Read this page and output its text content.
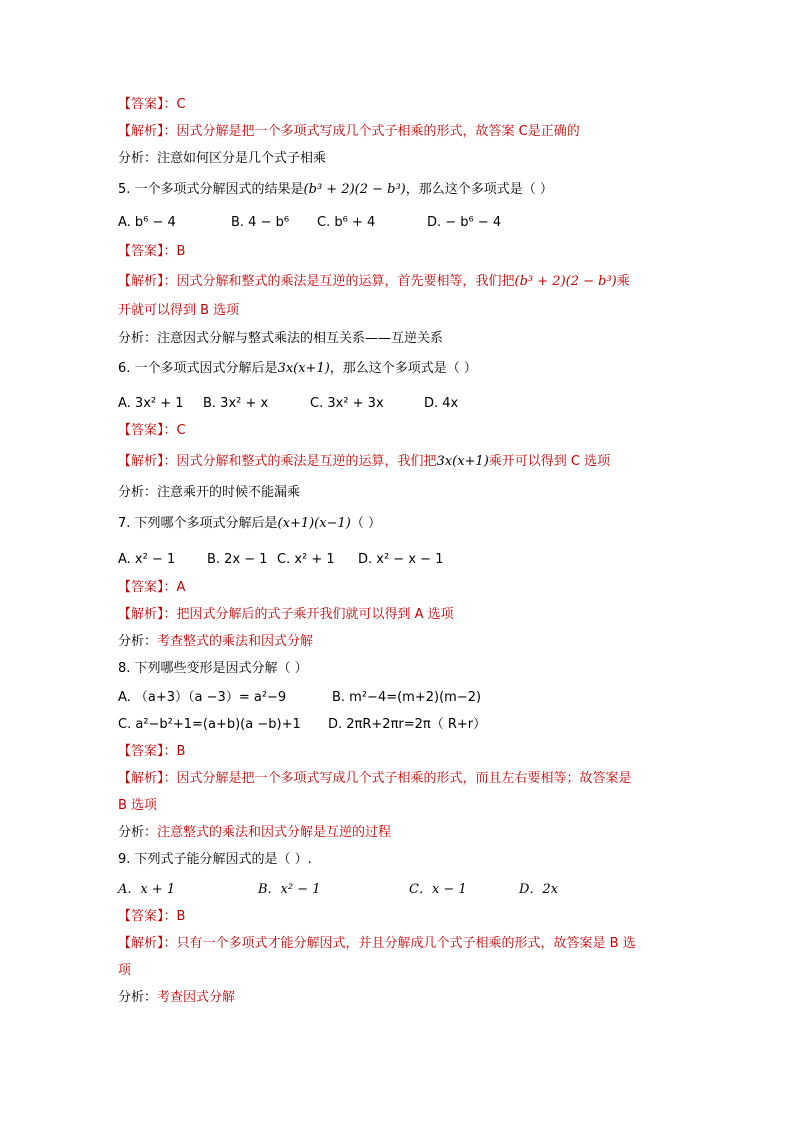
【答案】：C
【解析】：因式分解是把一个多项式写成几个式子相乘的形式，故答案 C是正确的
分析：注意如何区分是几个式子相乘
5. 一个多项式分解因式的结果是(b³ + 2)(2 − b³)，那么这个多项式是（ ）
A. b⁶ − 4	B. 4 − b⁶ C. b⁶ + 4	D. − b⁶ − 4
【答案】：B
【解析】：因式分解和整式的乘法是互逆的运算，首先要相等，我们把(b³ + 2)(2 − b³)乘
开就可以得到 B 选项
分析：注意因式分解与整式乘法的相互关系——互逆关系
6. 一个多项式因式分解后是3x(x+1)，那么这个多项式是（ ）
A. 3x² + 1 B. 3x² + x	C. 3x² + 3x	D. 4x
【答案】：C
【解析】：因式分解和整式的乘法是互逆的运算，我们把3x(x+1)乘开可以得到 C 选项
分析：注意乘开的时候不能漏乘
7. 下列哪个多项式分解后是(x+1)(x−1)（ ）
A. x² − 1 B. 2x − 1 C. x² + 1 D. x² − x − 1
【答案】：A
【解析】：把因式分解后的式子乘开我们就可以得到 A 选项
分析：考查整式的乘法和因式分解
8. 下列哪些变形是因式分解（ ）
A. （a+3）（a −3）= a²−9	B. m²−4=(m+2)(m−2)
C. a²−b²+1=(a+b)(a −b)+1 D. 2πR+2πr=2π（ R+r）
【答案】：B
【解析】：因式分解是把一个多项式写成几个式子相乘的形式，而且左右要相等；故答案是
B 选项
分析：注意整式的乘法和因式分解是互逆的过程
9. 下列式子能分解因式的是（ ）.
A．x + 1	B．x² − 1	C．x − 1	D．2x
【答案】：B
【解析】：只有一个多项式才能分解因式，并且分解成几个式子相乘的形式，故答案是 B 选
项
分析：考查因式分解
